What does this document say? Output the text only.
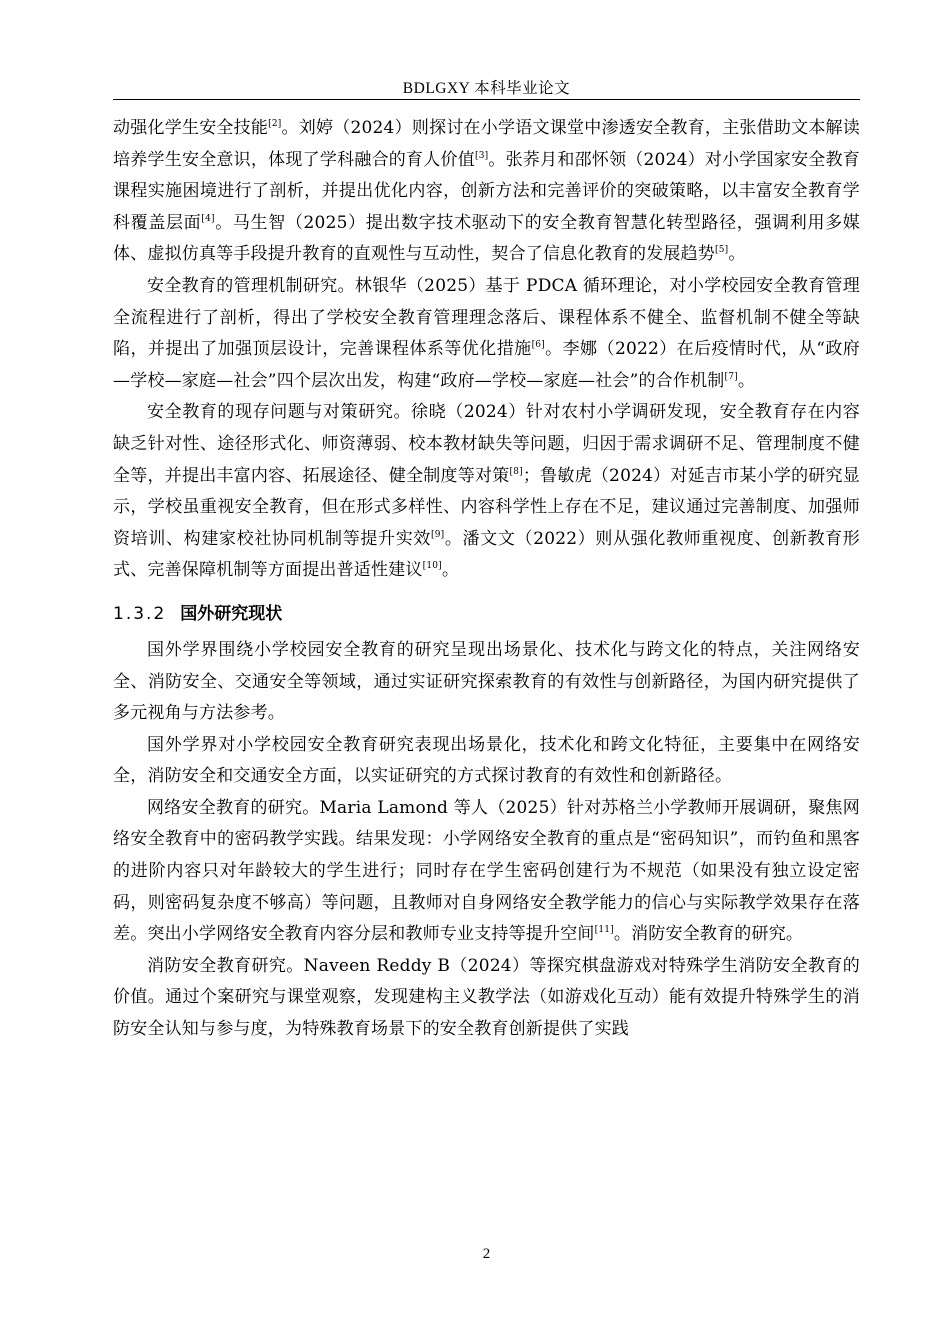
BDLGXY 本科毕业论文

动强化学生安全技能[2]。刘婷（2024）则探讨在小学语文课堂中渗透安全教育，主张借助文本解读培养学生安全意识，体现了学科融合的育人价值[3]。张荞月和邵怀领（2024）对小学国家安全教育课程实施困境进行了剖析，并提出优化内容，创新方法和完善评价的突破策略，以丰富安全教育学科覆盖层面[4]。马生智（2025）提出数字技术驱动下的安全教育智慧化转型路径，强调利用多媒体、虚拟仿真等手段提升教育的直观性与互动性，契合了信息化教育的发展趋势[5]。

安全教育的管理机制研究。林银华（2025）基于 PDCA 循环理论，对小学校园安全教育管理全流程进行了剖析，得出了学校安全教育管理理念落后、课程体系不健全、监督机制不健全等缺陷，并提出了加强顶层设计，完善课程体系等优化措施[6]。李娜（2022）在后疫情时代，从“政府—学校—家庭—社会”四个层次出发，构建“政府—学校—家庭—社会”的合作机制[7]。

安全教育的现存问题与对策研究。徐晓（2024）针对农村小学调研发现，安全教育存在内容缺乏针对性、途径形式化、师资薄弱、校本教材缺失等问题，归因于需求调研不足、管理制度不健全等，并提出丰富内容、拓展途径、健全制度等对策[8]；鲁敏虎（2024）对延吉市某小学的研究显示，学校虽重视安全教育，但在形式多样性、内容科学性上存在不足，建议通过完善制度、加强师资培训、构建家校社协同机制等提升实效[9]。潘文文（2022）则从强化教师重视度、创新教育形式、完善保障机制等方面提出普适性建议[10]。

1.3.2 国外研究现状

国外学界围绕小学校园安全教育的研究呈现出场景化、技术化与跨文化的特点，关注网络安全、消防安全、交通安全等领域，通过实证研究探索教育的有效性与创新路径，为国内研究提供了多元视角与方法参考。

国外学界对小学校园安全教育研究表现出场景化，技术化和跨文化特征，主要集中在网络安全，消防安全和交通安全方面，以实证研究的方式探讨教育的有效性和创新路径。

网络安全教育的研究。Maria Lamond 等人（2025）针对苏格兰小学教师开展调研，聚焦网络安全教育中的密码教学实践。结果发现：小学网络安全教育的重点是“密码知识”，而钓鱼和黑客的进阶内容只对年龄较大的学生进行；同时存在学生密码创建行为不规范（如果没有独立设定密码，则密码复杂度不够高）等问题，且教师对自身网络安全教学能力的信心与实际教学效果存在落差。突出小学网络安全教育内容分层和教师专业支持等提升空间[11]。消防安全教育的研究。

消防安全教育研究。Naveen Reddy B（2024）等探究棋盘游戏对特殊学生消防安全教育的价值。通过个案研究与课堂观察，发现建构主义教学法（如游戏化互动）能有效提升特殊学生的消防安全认知与参与度，为特殊教育场景下的安全教育创新提供了实践

2
